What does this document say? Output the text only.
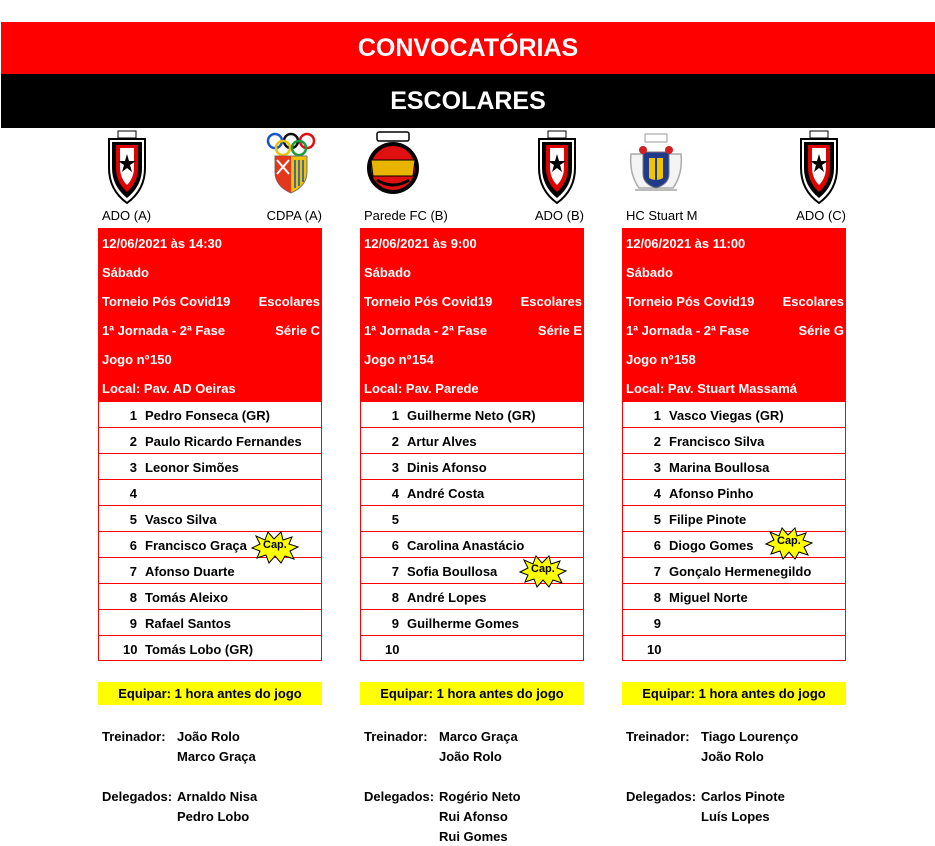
CONVOCATÓRIAS
ESCOLARES
ADO (A)	CDPA (A)
12/06/2021 às 14:30
Sábado
Torneio Pós Covid19 Escolares
1ª Jornada - 2ª Fase	Série C
Jogo nº 150
Local: Pav. AD Oeiras
1 Pedro Fonseca (GR)
2 Paulo Ricardo Fernandes
3 Leonor Simões
4
5 Vasco Silva
6 Francisco Graça
7 Afonso Duarte
8 Tomás Aleixo
9 Rafael Santos
10 Tomás Lobo (GR)
Cap.
Equipar: 1 hora antes do jogo
Treinador: João Rolo
Marco Graça
Delegados: Arnaldo Nisa
Pedro Lobo
Parede FC (B)	ADO (B)
12/06/2021 às 9:00
Sábado
Torneio Pós Covid19 Escolares
1ª Jornada - 2ª Fase	Série E
Jogo nº 154
Local: Pav. Parede
1 Guilherme Neto (GR)
2 Artur Alves
3 Dinis Afonso
4 André Costa
5
6 Carolina Anastácio
7 Sofia Boullosa
8 André Lopes
9 Guilherme Gomes
10
Cap.
Equipar: 1 hora antes do jogo
Treinador: Marco Graça
João Rolo
Delegados: Rogério Neto
Rui Afonso
Rui Gomes
HC Stuart M	ADO (C)
12/06/2021 às 11:00
Sábado
Torneio Pós Covid19 Escolares
1ª Jornada - 2ª Fase	Série G
Jogo nº 158
Local: Pav. Stuart Massamá
1 Vasco Viegas (GR)
2 Francisco Silva
3 Marina Boullosa
4 Afonso Pinho
5 Filipe Pinote
6 Diogo Gomes
7 Gonçalo Hermenegildo
8 Miguel Norte
9
10
Cap.
Equipar: 1 hora antes do jogo
Treinador: Tiago Lourenço
João Rolo
Delegados: Carlos Pinote
Luís Lopes
